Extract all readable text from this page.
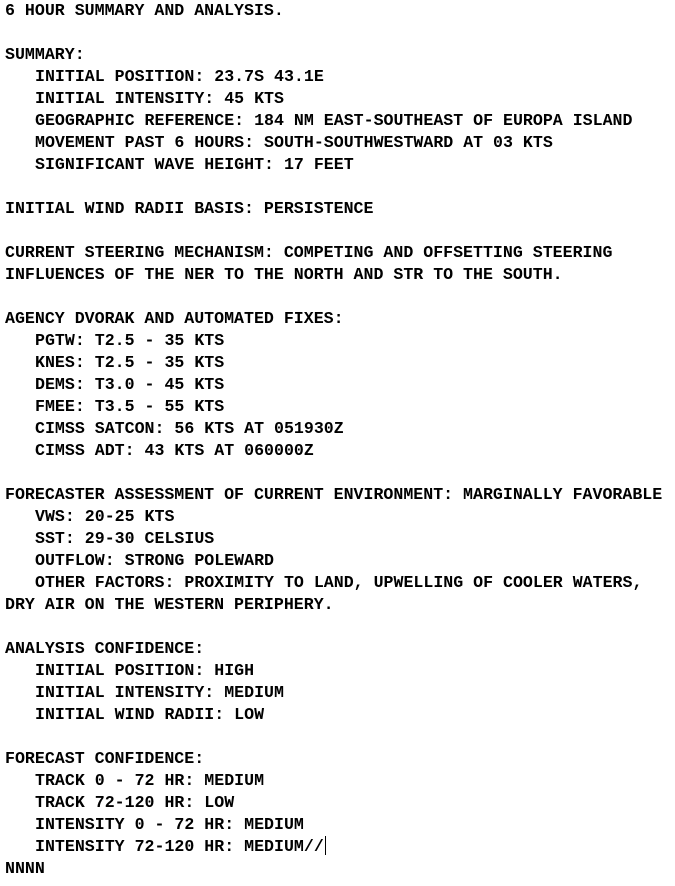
6 HOUR SUMMARY AND ANALYSIS.
SUMMARY:
INITIAL POSITION: 23.7S 43.1E
INITIAL INTENSITY: 45 KTS
GEOGRAPHIC REFERENCE: 184 NM EAST-SOUTHEAST OF EUROPA ISLAND
MOVEMENT PAST 6 HOURS: SOUTH-SOUTHWESTWARD AT 03 KTS
SIGNIFICANT WAVE HEIGHT: 17 FEET
INITIAL WIND RADII BASIS: PERSISTENCE
CURRENT STEERING MECHANISM: COMPETING AND OFFSETTING STEERING
INFLUENCES OF THE NER TO THE NORTH AND STR TO THE SOUTH.
AGENCY DVORAK AND AUTOMATED FIXES:
PGTW: T2.5 - 35 KTS
KNES: T2.5 - 35 KTS
DEMS: T3.0 - 45 KTS
FMEE: T3.5 - 55 KTS
CIMSS SATCON: 56 KTS AT 051930Z
CIMSS ADT: 43 KTS AT 060000Z
FORECASTER ASSESSMENT OF CURRENT ENVIRONMENT: MARGINALLY FAVORABLE
VWS: 20-25 KTS
SST: 29-30 CELSIUS
OUTFLOW: STRONG POLEWARD
OTHER FACTORS: PROXIMITY TO LAND, UPWELLING OF COOLER WATERS,
DRY AIR ON THE WESTERN PERIPHERY.
ANALYSIS CONFIDENCE:
INITIAL POSITION: HIGH
INITIAL INTENSITY: MEDIUM
INITIAL WIND RADII: LOW
FORECAST CONFIDENCE:
TRACK 0 - 72 HR: MEDIUM
TRACK 72-120 HR: LOW
INTENSITY 0 - 72 HR: MEDIUM
INTENSITY 72-120 HR: MEDIUM//
NNNN
